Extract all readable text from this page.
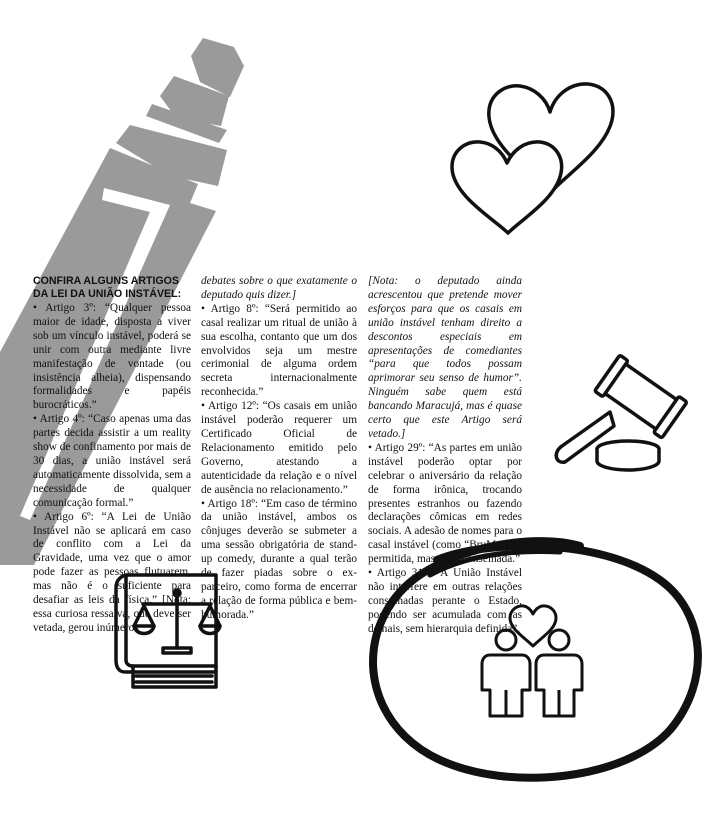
CONFIRA ALGUNS ARTIGOS DA LEI DA UNIÃO INSTÁVEL:

• Artigo 3º: “Qualquer pessoa maior de idade, disposta a viver sob um vínculo instável, poderá se unir com outra mediante livre manifestação de vontade (ou insistência alheia), dispensando formalidades e papéis burocráticos.”

• Artigo 4º: “Caso apenas uma das partes decida assistir a um reality show de confinamento por mais de 30 dias, a união instável será automaticamente dissolvida, sem a necessidade de qualquer comunicação formal.”

• Artigo 6º: “A Lei de União Instável não se aplicará em caso de conflito com a Lei da Gravidade, uma vez que o amor pode fazer as pessoas flutuarem, mas não é o suficiente para desafiar as leis da física.” [Nota: essa curiosa ressalva, que deve ser vetada, gerou inúmeros

debates sobre o que exatamente o deputado quis dizer.]

• Artigo 8º: “Será permitido ao casal realizar um ritual de união à sua escolha, contanto que um dos envolvidos seja um mestre cerimonial de alguma ordem secreta internacionalmente reconhecida.”

• Artigo 12º: “Os casais em união instável poderão requerer um Certificado Oficial de Relacionamento emitido pelo Governo, atestando a autenticidade da relação e o nível de ausência no relacionamento.”

• Artigo 18º: “Em caso de término da união instável, ambos os cônjuges deverão se submeter a uma sessão obrigatória de stand-up comedy, durante a qual terão de fazer piadas sobre o ex-parceiro, como forma de encerrar a relação de forma pública e bem-humorada.”

[Nota: o deputado ainda acrescentou que pretende mover esforços para que os casais em união instável tenham direito a descontos especiais em apresentações de comediantes “para que todos possam aprimorar seu senso de humor”. Ninguém sabe quem está bancando Maracujá, mas é quase certo que este Artigo será vetado.]

• Artigo 29º: “As partes em união instável poderão optar por celebrar o aniversário da relação de forma irônica, trocando presentes estranhos ou fazendo declarações cômicas em redes sociais. A adesão de nomes para o casal instável (como “BruMar”) é permitida, mas não aconselhada.”

• Artigo 31º: “A União Instável não interfere em outras relações consumadas perante o Estado, podendo ser acumulada com as demais, sem hierarquia definida”.
